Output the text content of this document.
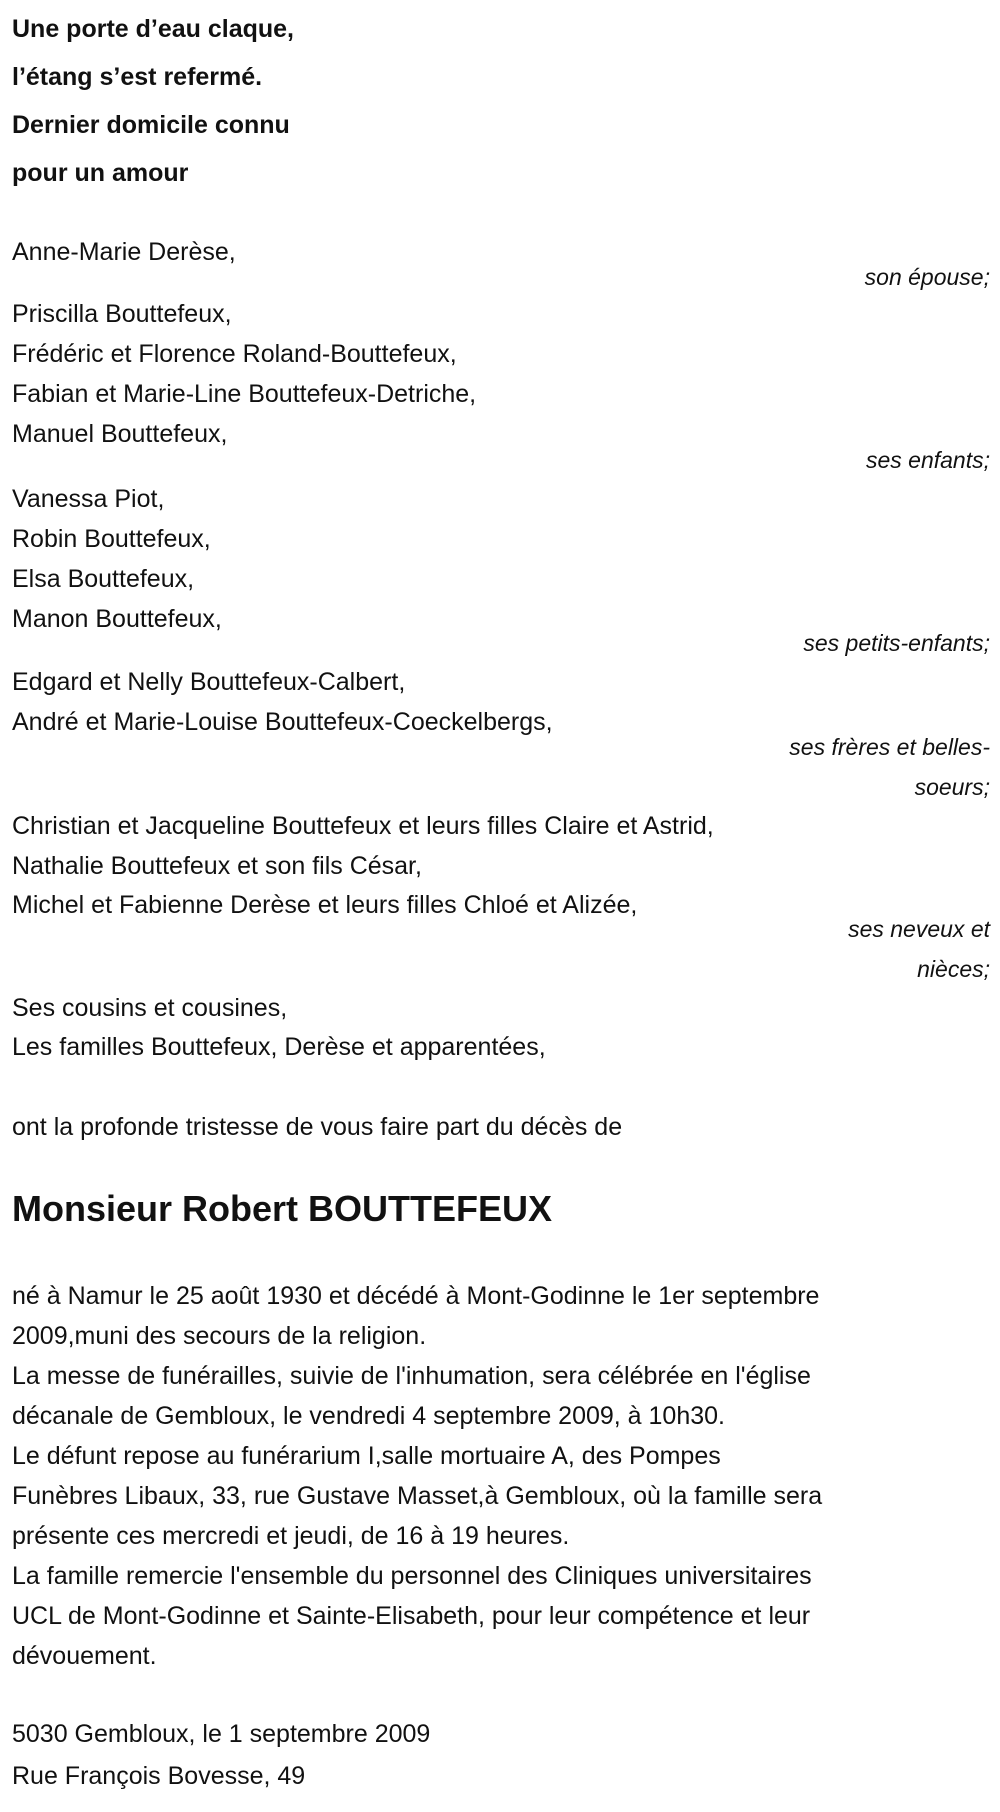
Une porte d’eau claque,
l’étang s’est refermé.
Dernier domicile connu
pour un amour
Anne-Marie Derèse,
son épouse;
Priscilla Bouttefeux,
Frédéric et Florence Roland-Bouttefeux,
Fabian et Marie-Line Bouttefeux-Detriche,
Manuel Bouttefeux,
ses enfants;
Vanessa Piot,
Robin Bouttefeux,
Elsa Bouttefeux,
Manon Bouttefeux,
ses petits-enfants;
Edgard et Nelly Bouttefeux-Calbert,
André et Marie-Louise Bouttefeux-Coeckelbergs,
ses frères et belles-
soeurs;
Christian et Jacqueline Bouttefeux et leurs filles Claire et Astrid,
Nathalie Bouttefeux et son fils César,
Michel et Fabienne Derèse et leurs filles Chloé et Alizée,
ses neveux et
nièces;
Ses cousins et cousines,
Les familles Bouttefeux, Derèse et apparentées,
ont la profonde tristesse de vous faire part du décès de
Monsieur Robert BOUTTEFEUX
né à Namur le 25 août 1930 et décédé à Mont-Godinne le 1er septembre
2009,muni des secours de la religion.
La messe de funérailles, suivie de l'inhumation, sera célébrée en l'église
décanale de Gembloux, le vendredi 4 septembre 2009, à 10h30.
Le défunt repose au funérarium I,salle mortuaire A, des Pompes
Funèbres Libaux, 33, rue Gustave Masset,à Gembloux, où la famille sera
présente ces mercredi et jeudi, de 16 à 19 heures.
La famille remercie l'ensemble du personnel des Cliniques universitaires
UCL de Mont-Godinne et Sainte-Elisabeth, pour leur compétence et leur
dévouement.
5030 Gembloux, le 1 septembre 2009
Rue François Bovesse, 49
